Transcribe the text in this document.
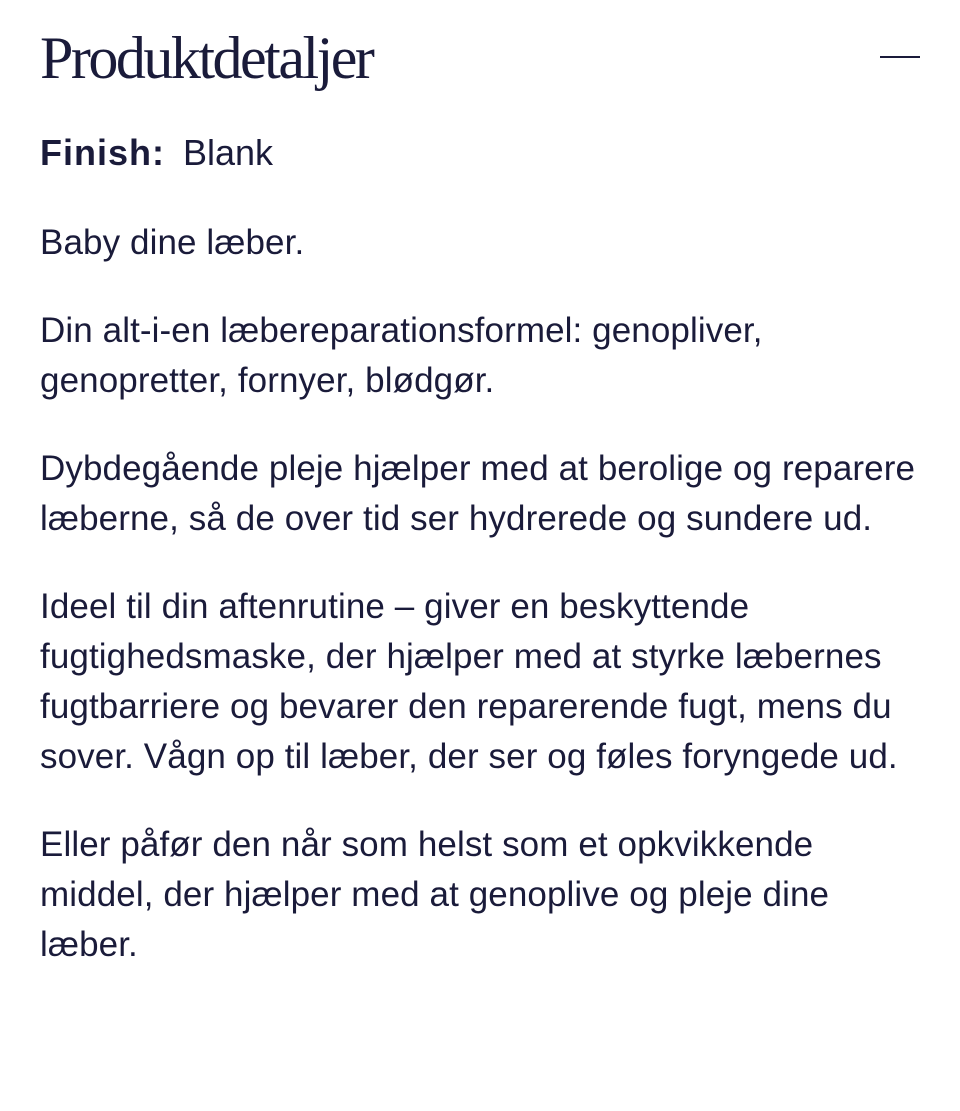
Produktdetaljer

Finish: Blank

Baby dine læber.

Din alt-i-en læbereparationsformel: genopliver, genopretter, fornyer, blødgør.

Dybdegående pleje hjælper med at berolige og reparere læberne, så de over tid ser hydrerede og sundere ud.

Ideel til din aftenrutine – giver en beskyttende fugtighedsmaske, der hjælper med at styrke læbernes fugtbarriere og bevarer den reparerende fugt, mens du sover. Vågn op til læber, der ser og føles foryngede ud.

Eller påfør den når som helst som et opkvikkende middel, der hjælper med at genoplive og pleje dine læber.
